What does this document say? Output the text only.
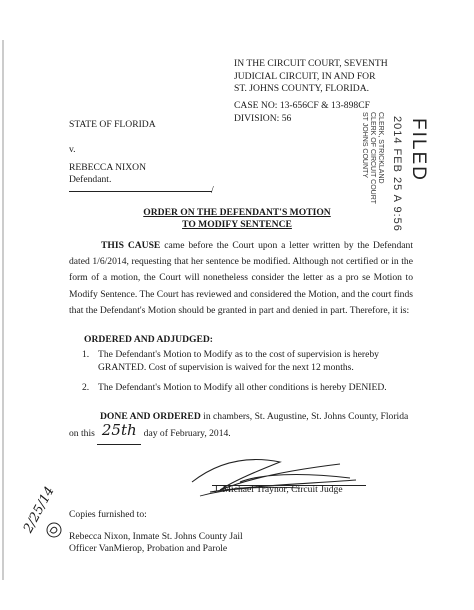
IN THE CIRCUIT COURT, SEVENTH
JUDICIAL CIRCUIT, IN AND FOR
ST. JOHNS COUNTY, FLORIDA.
CASE NO: 13-656CF & 13-898CF
DIVISION: 56
STATE OF FLORIDA
v.
REBECCA NIXON
Defendant.
/
FILED
2014 FEB 25 A 9:56
CLERK, STRICKLAND
CLERK OF CIRCUIT COURT
ST JOHNS COUNTY
ORDER ON THE DEFENDANT'S MOTION
TO MODIFY SENTENCE
THIS CAUSE came before the Court upon a letter written by the Defendant dated 1/6/2014, requesting that her sentence be modified. Although not certified or in the form of a motion, the Court will nonetheless consider the letter as a pro se Motion to Modify Sentence. The Court has reviewed and considered the Motion, and the court finds that the Defendant's Motion should be granted in part and denied in part. Therefore, it is:
ORDERED AND ADJUDGED:
1. The Defendant's Motion to Modify as to the cost of supervision is hereby GRANTED. Cost of supervision is waived for the next 12 months.
2. The Defendant's Motion to Modify all other conditions is hereby DENIED.
DONE AND ORDERED in chambers, St. Augustine, St. Johns County, Florida
on this 25th day of February, 2014.
J. Michael Traynor, Circuit Judge
Copies furnished to:
Rebecca Nixon, Inmate St. Johns County Jail
Officer VanMierop, Probation and Parole
2/25/14
